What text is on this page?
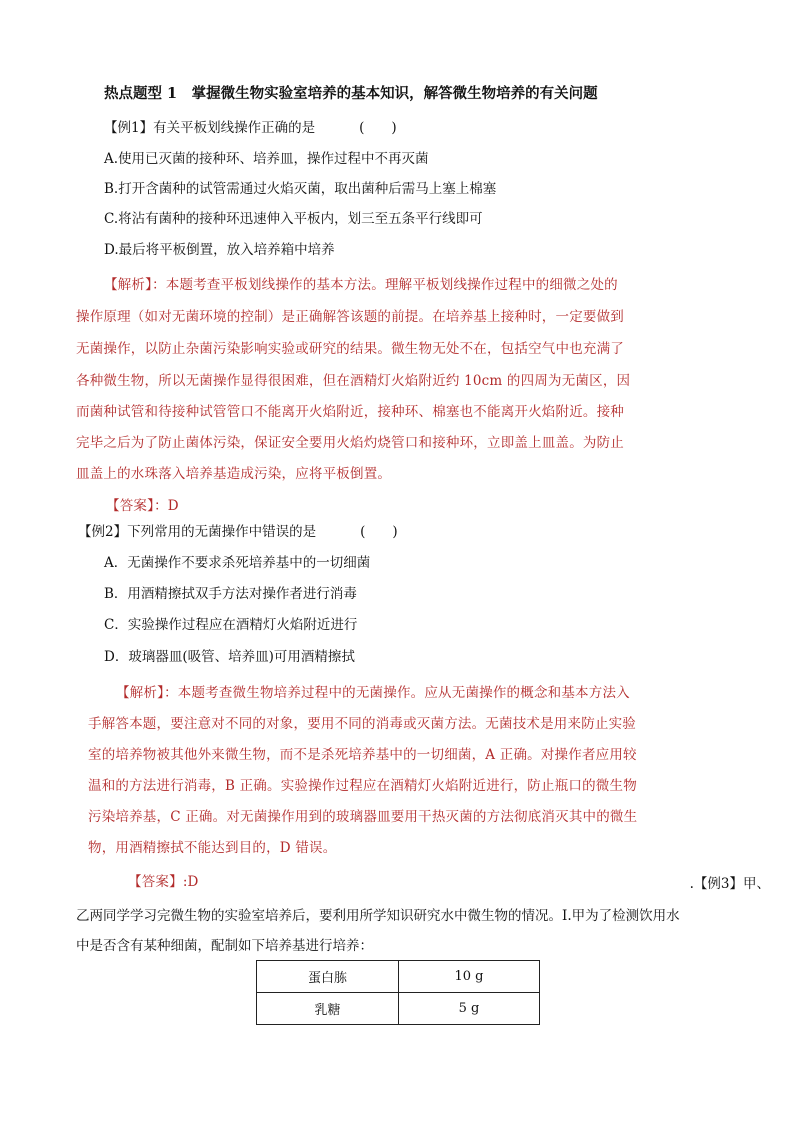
热点题型 1　掌握微生物实验室培养的基本知识，解答微生物培养的有关问题
【例1】有关平板划线操作正确的是	(　　)
A.使用已灭菌的接种环、培养皿，操作过程中不再灭菌
B.打开含菌种的试管需通过火焰灭菌，取出菌种后需马上塞上棉塞
C.将沾有菌种的接种环迅速伸入平板内，划三至五条平行线即可
D.最后将平板倒置，放入培养箱中培养
【解析】：本题考查平板划线操作的基本方法。理解平板划线操作过程中的细微之处的
操作原理（如对无菌环境的控制）是正确解答该题的前提。在培养基上接种时，一定要做到
无菌操作，以防止杂菌污染影响实验或研究的结果。微生物无处不在，包括空气中也充满了
各种微生物，所以无菌操作显得很困难，但在酒精灯火焰附近约 10cm 的四周为无菌区，因
而菌种试管和待接种试管管口不能离开火焰附近，接种环、棉塞也不能离开火焰附近。接种
完毕之后为了防止菌体污染，保证安全要用火焰灼烧管口和接种环，立即盖上皿盖。为防止
皿盖上的水珠落入培养基造成污染，应将平板倒置。
【答案】：D
【例2】下列常用的无菌操作中错误的是	(　　)
A．无菌操作不要求杀死培养基中的一切细菌
B．用酒精擦拭双手方法对操作者进行消毒
C．实验操作过程应在酒精灯火焰附近进行
D．玻璃器皿(吸管、培养皿)可用酒精擦拭
【解析】：本题考查微生物培养过程中的无菌操作。应从无菌操作的概念和基本方法入
手解答本题，要注意对不同的对象，要用不同的消毒或灭菌方法。无菌技术是用来防止实验
室的培养物被其他外来微生物，而不是杀死培养基中的一切细菌，A 正确。对操作者应用较
温和的方法进行消毒，B 正确。实验操作过程应在酒精灯火焰附近进行，防止瓶口的微生物
污染培养基，C 正确。对无菌操作用到的玻璃器皿要用干热灭菌的方法彻底消灭其中的微生
物，用酒精擦拭不能达到目的，D 错误。
【答案】:D	.【例3】甲、
乙两同学学习完微生物的实验室培养后，要利用所学知识研究水中微生物的情况。Ⅰ.甲为了检测饮用水
中是否含有某种细菌，配制如下培养基进行培养：
蛋白胨	10 g
乳糖	5 g
